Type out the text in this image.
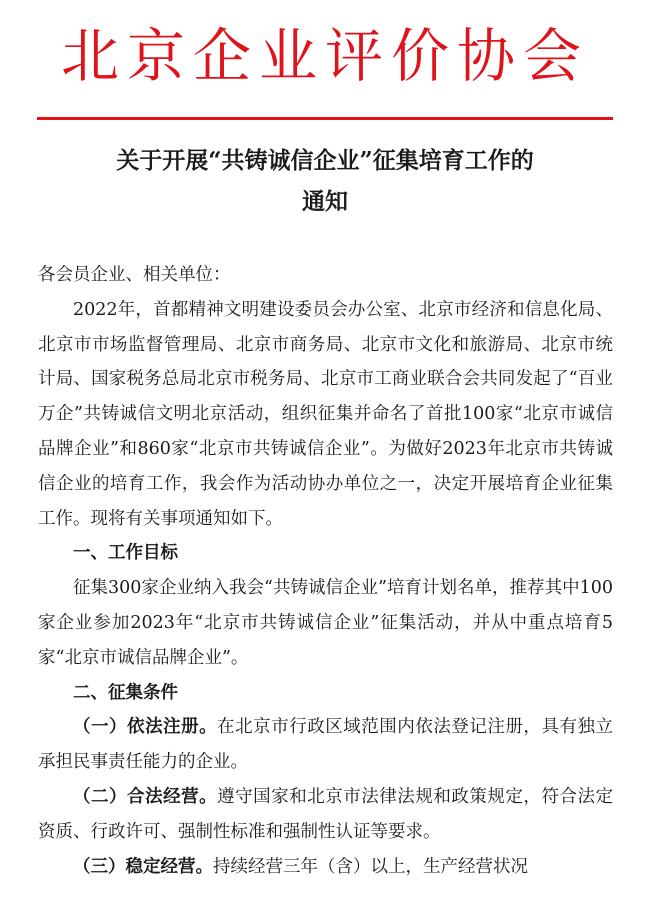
北京企业评价协会
关于开展“共铸诚信企业”征集培育工作的
通知

各会员企业、相关单位：

2022年，首都精神文明建设委员会办公室、北京市经济和信息化局、北京市市场监督管理局、北京市商务局、北京市文化和旅游局、北京市统计局、国家税务总局北京市税务局、北京市工商业联合会共同发起了“百业万企”共铸诚信文明北京活动，组织征集并命名了首批100家“北京市诚信品牌企业”和860家“北京市共铸诚信企业”。为做好2023年北京市共铸诚信企业的培育工作，我会作为活动协办单位之一，决定开展培育企业征集工作。现将有关事项通知如下。

一、工作目标

征集300家企业纳入我会“共铸诚信企业”培育计划名单，推荐其中100家企业参加2023年“北京市共铸诚信企业”征集活动，并从中重点培育5家“北京市诚信品牌企业”。

二、征集条件

（一）依法注册。在北京市行政区域范围内依法登记注册，具有独立承担民事责任能力的企业。

（二）合法经营。遵守国家和北京市法律法规和政策规定，符合法定资质、行政许可、强制性标准和强制性认证等要求。

（三）稳定经营。持续经营三年（含）以上，生产经营状况
